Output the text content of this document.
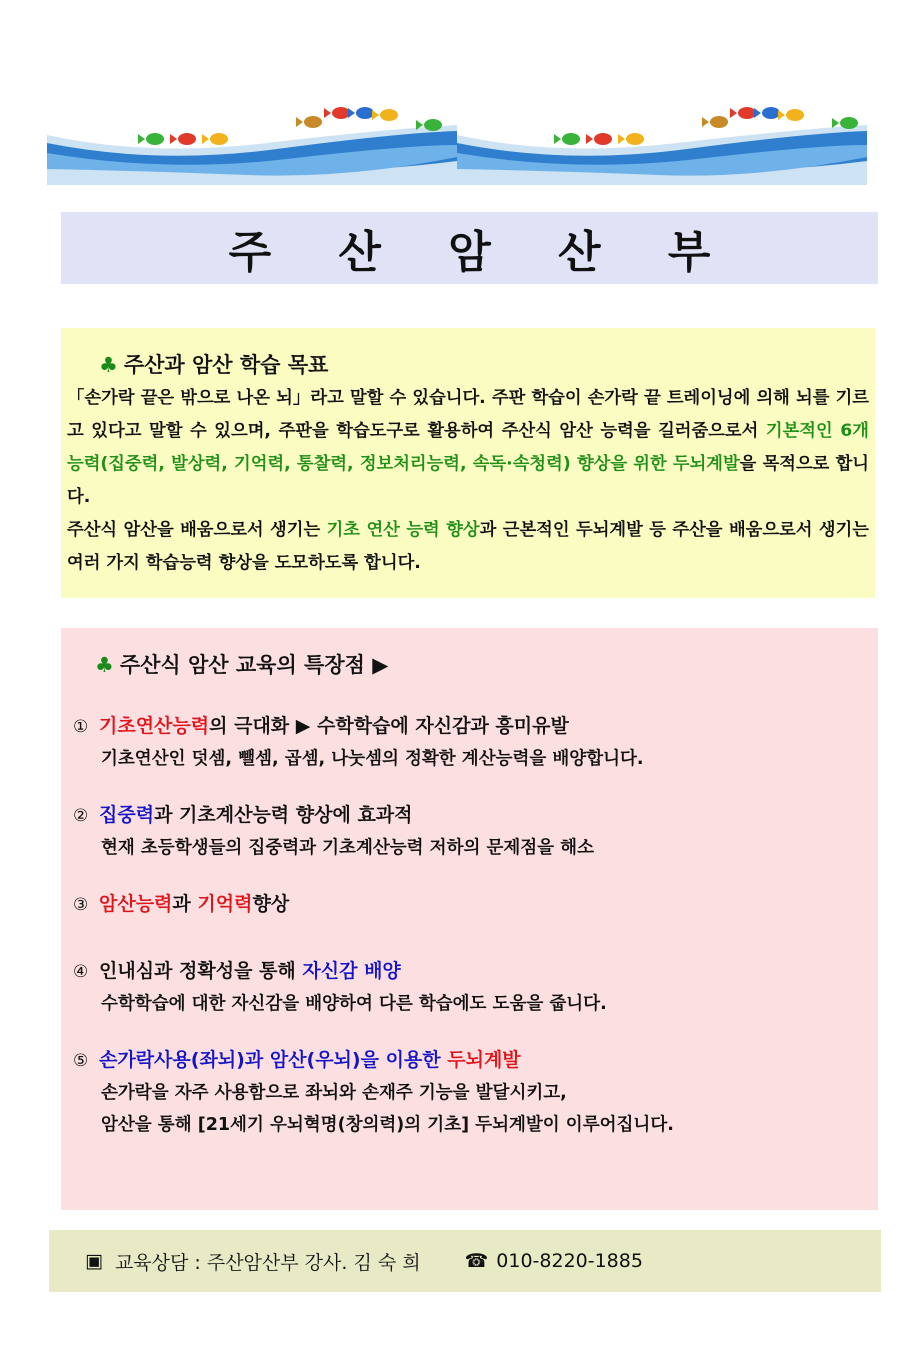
주 산 암 산 부
♣ 주산과 암산 학습 목표

「손가락 끝은 밖으로 나온 뇌」라고 말할 수 있습니다. 주판 학습이 손가락 끝 트레이닝에 의해 뇌를 기르고 있다고 말할 수 있으며, 주판을 학습도구로 활용하여 주산식 암산 능력을 길러줌으로서 기본적인 6개 능력(집중력, 발상력, 기억력, 통찰력, 정보처리능력, 속독·속청력) 향상을 위한 두뇌계발을 목적으로 합니다.

주산식 암산을 배움으로서 생기는 기초 연산 능력 향상과 근본적인 두뇌계발 등 주산을 배움으로서 생기는 여러 가지 학습능력 향상을 도모하도록 합니다.

♣ 주산식 암산 교육의 특장점 ▶
① 기초연산능력의 극대화 ▶ 수학학습에 자신감과 흥미유발
기초연산인 덧셈, 뺄셈, 곱셈, 나눗셈의 정확한 계산능력을 배양합니다.
② 집중력과 기초계산능력 향상에 효과적
현재 초등학생들의 집중력과 기초계산능력 저하의 문제점을 해소
③ 암산능력과 기억력향상
④ 인내심과 정확성을 통해 자신감 배양
수학학습에 대한 자신감을 배양하여 다른 학습에도 도움을 줍니다.
⑤ 손가락사용(좌뇌)과 암산(우뇌)을 이용한 두뇌계발
손가락을 자주 사용함으로 좌뇌와 손재주 기능을 발달시키고,
암산을 통해 [21세기 우뇌혁명(창의력)의 기초] 두뇌계발이 이루어집니다.
▣ 교육상담 : 주산암산부 강사. 김 숙 희 ☎ 010-8220-1885
